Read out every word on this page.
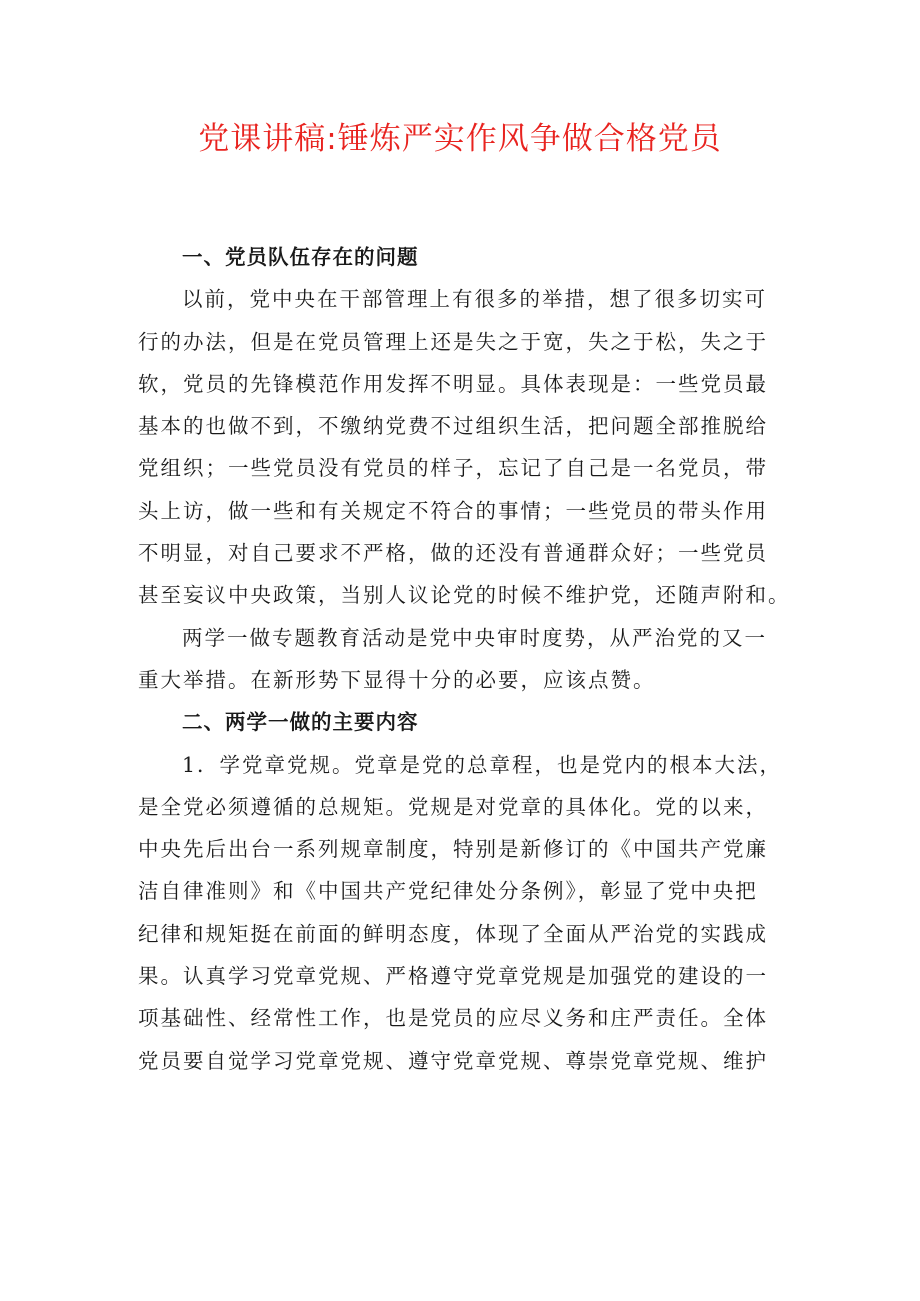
党课讲稿:锤炼严实作风争做合格党员
一、党员队伍存在的问题
以前，党中央在干部管理上有很多的举措，想了很多切实可
行的办法，但是在党员管理上还是失之于宽，失之于松，失之于
软，党员的先锋模范作用发挥不明显。具体表现是：一些党员最
基本的也做不到，不缴纳党费不过组织生活，把问题全部推脱给
党组织；一些党员没有党员的样子，忘记了自己是一名党员，带
头上访，做一些和有关规定不符合的事情；一些党员的带头作用
不明显，对自己要求不严格，做的还没有普通群众好；一些党员
甚至妄议中央政策，当别人议论党的时候不维护党，还随声附和。
两学一做专题教育活动是党中央审时度势，从严治党的又一
重大举措。在新形势下显得十分的必要，应该点赞。
二、两学一做的主要内容
1．学党章党规。党章是党的总章程，也是党内的根本大法，
是全党必须遵循的总规矩。党规是对党章的具体化。党的以来，
中央先后出台一系列规章制度，特别是新修订的《中国共产党廉
洁自律准则》和《中国共产党纪律处分条例》，彰显了党中央把
纪律和规矩挺在前面的鲜明态度，体现了全面从严治党的实践成
果。认真学习党章党规、严格遵守党章党规是加强党的建设的一
项基础性、经常性工作，也是党员的应尽义务和庄严责任。全体
党员要自觉学习党章党规、遵守党章党规、尊崇党章党规、维护
